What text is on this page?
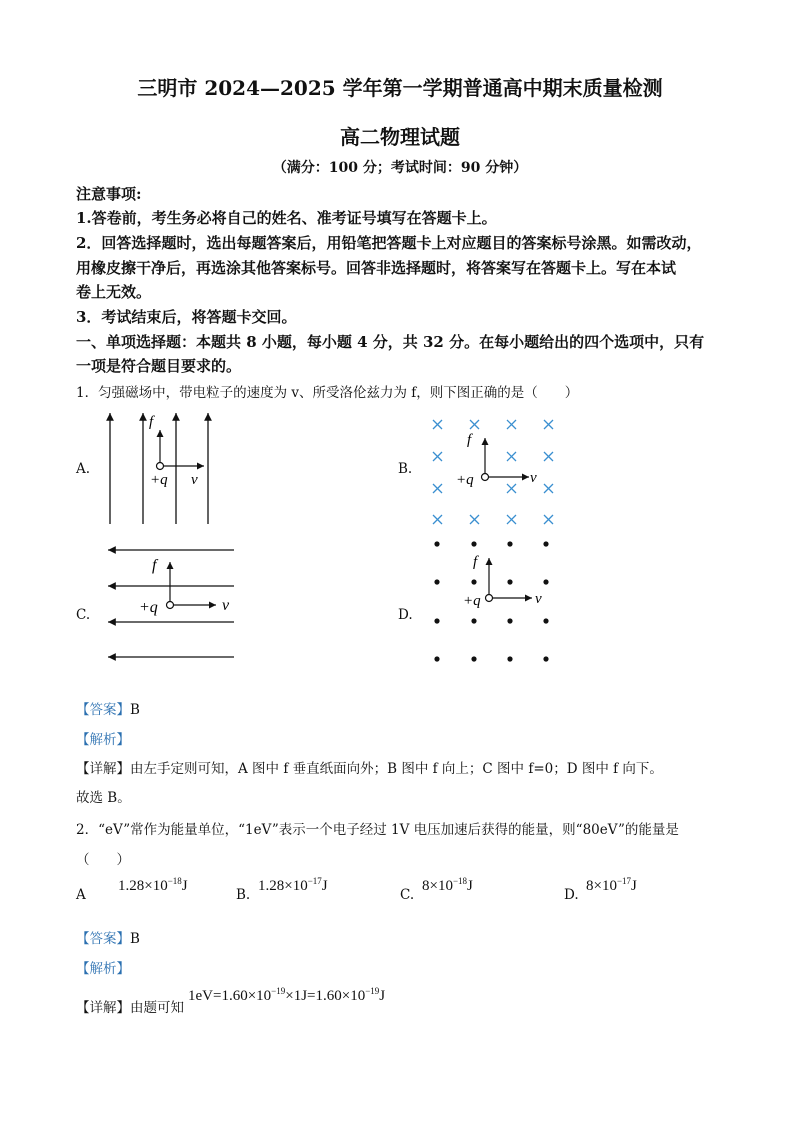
三明市 2024—2025 学年第一学期普通高中期末质量检测
高二物理试题
（满分：100 分；考试时间：90 分钟）
注意事项:
1.答卷前，考生务必将自己的姓名、准考证号填写在答题卡上。
2．回答选择题时，选出每题答案后，用铅笔把答题卡上对应题目的答案标号涂黑。如需改动，
用橡皮擦干净后，再选涂其他答案标号。回答非选择题时，将答案写在答题卡上。写在本试
卷上无效。
3．考试结束后，将答题卡交回。
一、单项选择题：本题共 8 小题，每小题 4 分，共 32 分。在每小题给出的四个选项中，只有
一项是符合题目要求的。
1．匀强磁场中，带电粒子的速度为 v、所受洛伦兹力为 f，则下图正确的是（　　）
A.	B.
C.	D.
f
+q v
f
+q	v
f
+q	v
f
+q	v
【答案】B
【解析】
【详解】由左手定则可知，A 图中 f 垂直纸面向外；B 图中 f 向上；C 图中 f=0；D 图中 f 向下。
故选 B。
2．“eV”常作为能量单位，“1eV”表示一个电子经过 1V 电压加速后获得的能量，则“80eV”的能量是
（　　）
A
$1.28\times 10^{-18}J$
B.
$1.28\times 10^{-17}J$
C.
$8\times 10^{-18}J$
D.
$8\times 10^{-17}J$
【答案】B
【解析】
【详解】由题可知
$1eV=1.60\times 10^{-19}\times 1J=1.60\times 10^{-19}J$
